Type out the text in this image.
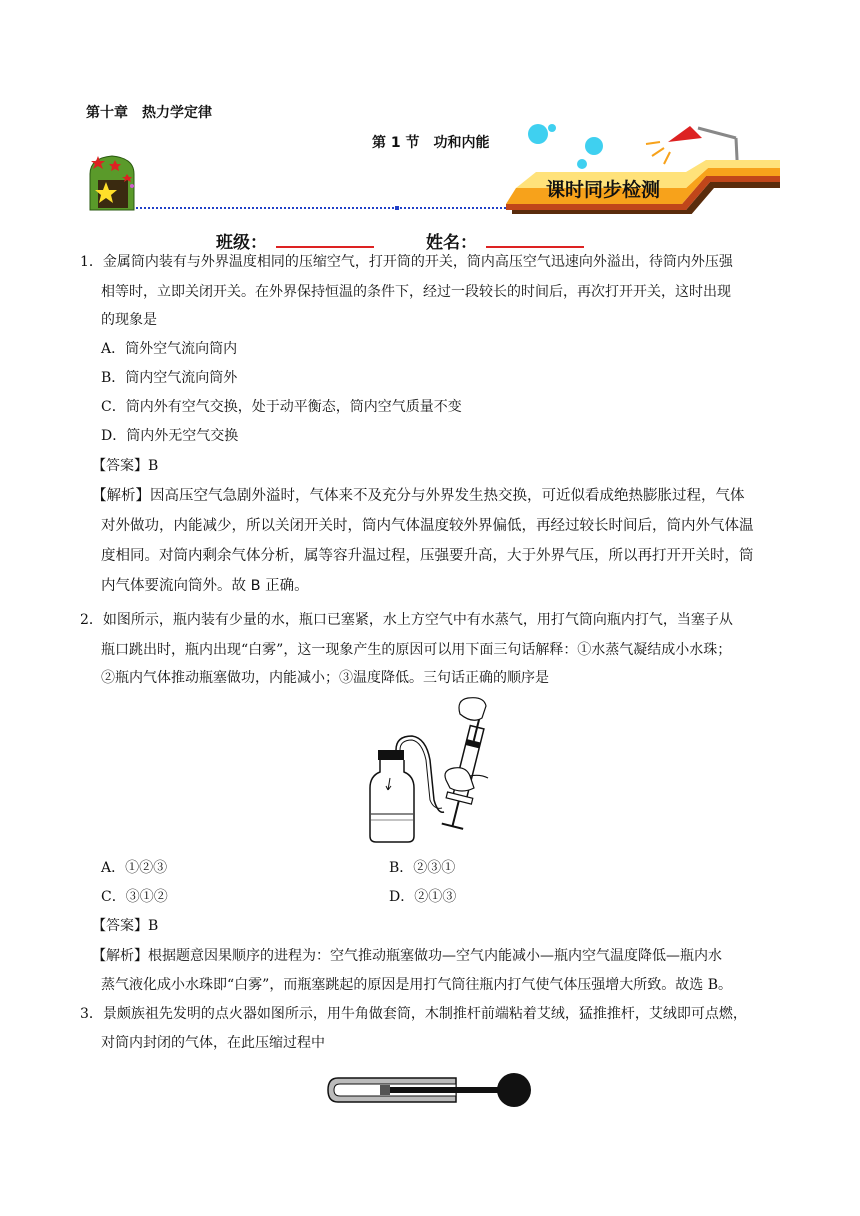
第十章　热力学定律
第 1 节　功和内能
课时同步检测
班级：	姓名：
1．金属筒内装有与外界温度相同的压缩空气，打开筒的开关，筒内高压空气迅速向外溢出，待筒内外压强
相等时，立即关闭开关。在外界保持恒温的条件下，经过一段较长的时间后，再次打开开关，这时出现
的现象是
A．筒外空气流向筒内
B．筒内空气流向筒外
C．筒内外有空气交换，处于动平衡态，筒内空气质量不变
D．筒内外无空气交换
【答案】B
【解析】因高压空气急剧外溢时，气体来不及充分与外界发生热交换，可近似看成绝热膨胀过程，气体
对外做功，内能减少，所以关闭开关时，筒内气体温度较外界偏低，再经过较长时间后，筒内外气体温
度相同。对筒内剩余气体分析，属等容升温过程，压强要升高，大于外界气压，所以再打开开关时，筒
内气体要流向筒外。故 B 正确。
2．如图所示，瓶内装有少量的水，瓶口已塞紧，水上方空气中有水蒸气，用打气筒向瓶内打气，当塞子从
瓶口跳出时，瓶内出现“白雾”，这一现象产生的原因可以用下面三句话解释：①水蒸气凝结成小水珠；
②瓶内气体推动瓶塞做功，内能减小；③温度降低。三句话正确的顺序是
A．①②③	B．②③①
C．③①②	D．②①③
【答案】B
【解析】根据题意因果顺序的进程为：空气推动瓶塞做功—空气内能减小—瓶内空气温度降低—瓶内水
蒸气液化成小水珠即“白雾”，而瓶塞跳起的原因是用打气筒往瓶内打气使气体压强增大所致。故选 B。
3．景颇族祖先发明的点火器如图所示，用牛角做套筒，木制推杆前端粘着艾绒，猛推推杆，艾绒即可点燃，
对筒内封闭的气体，在此压缩过程中
